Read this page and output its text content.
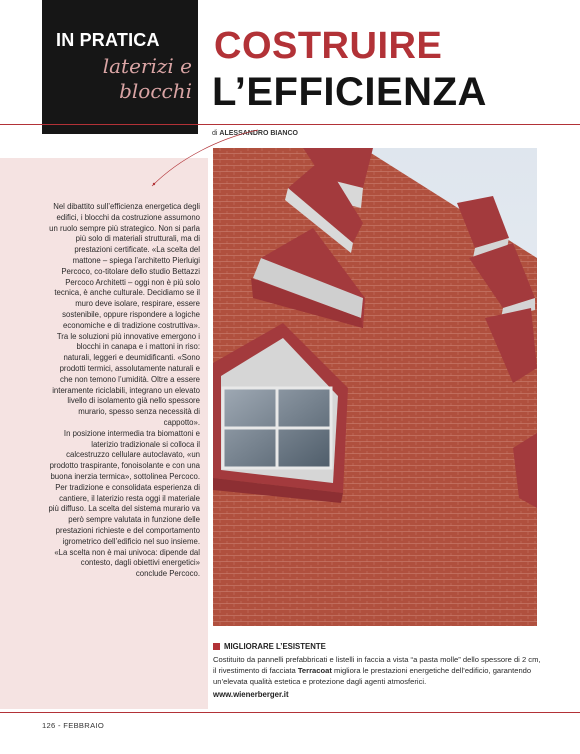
IN PRATICA
laterizi e
blocchi
COSTRUIRE
L’EFFICIENZA
di ALESSANDRO BIANCO

Nel dibattito sull’efficienza energetica degli edifici, i blocchi da costruzione assumono un ruolo sempre più strategico. Non si parla più solo di materiali strutturali, ma di prestazioni certificate. «La scelta del mattone – spiega l’architetto Pierluigi Percoco, co-titolare dello studio Bettazzi Percoco Architetti – oggi non è più solo tecnica, è anche culturale. Decidiamo se il muro deve isolare, respirare, essere sostenibile, oppure rispondere a logiche economiche e di tradizione costruttiva».

Tra le soluzioni più innovative emergono i blocchi in canapa e i mattoni in riso: naturali, leggeri e deumidificanti. «Sono prodotti termici, assolutamente naturali e che non temono l’umidità. Oltre a essere interamente riciclabili, integrano un elevato livello di isolamento già nello spessore murario, spesso senza necessità di cappotto».

In posizione intermedia tra biomattoni e laterizio tradizionale si colloca il calcestruzzo cellulare autoclavato, «un prodotto traspirante, fonoisolante e con una buona inerzia termica», sottolinea Percoco.

Per tradizione e consolidata esperienza di cantiere, il laterizio resta oggi il materiale più diffuso. La scelta del sistema murario va però sempre valutata in funzione delle prestazioni richieste e del comportamento igrometrico dell’edificio nel suo insieme. «La scelta non è mai univoca: dipende dal contesto, dagli obiettivi energetici» conclude Percoco.

MIGLIORARE L’ESISTENTE
Costituito da pannelli prefabbricati e listelli in faccia a vista “a pasta molle” dello spessore di 2 cm, il rivestimento di facciata Terracoat migliora le prestazioni energetiche dell’edificio, garantendo un’elevata qualità estetica e protezione dagli agenti atmosferici.
www.wienerberger.it
126 - FEBBRAIO
